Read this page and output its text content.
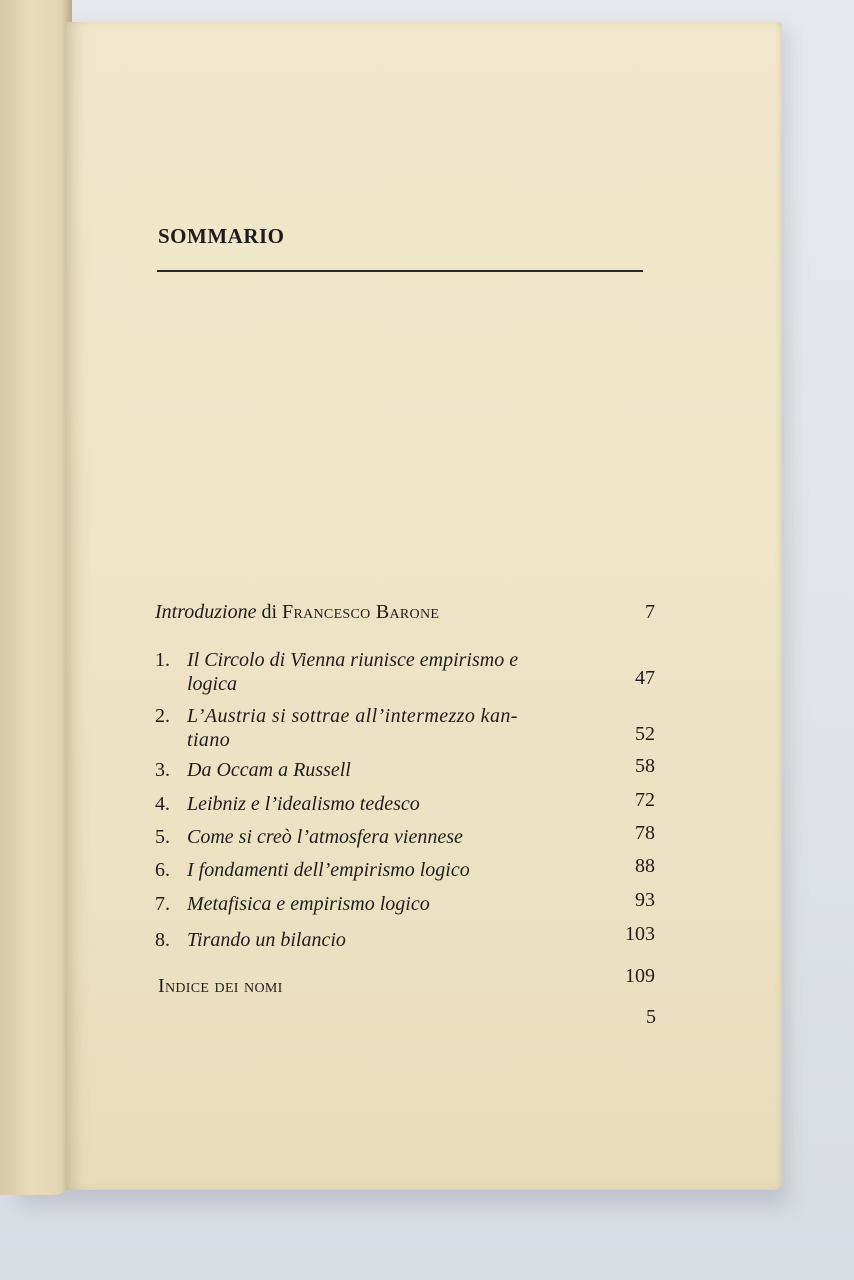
SOMMARIO
Introduzione di Francesco Barone	7
1. Il Circolo di Vienna riunisce empirismo e
logica	47
2. L’Austria si sottrae all’intermezzo kan-
tiano	52
3. Da Occam a Russell	58
4. Leibniz e l’idealismo tedesco	72
5. Come si creò l’atmosfera viennese	78
6. I fondamenti dell’empirismo logico	88
7. Metafisica e empirismo logico	93
8. Tirando un bilancio	103
Indice dei nomi	109
5
